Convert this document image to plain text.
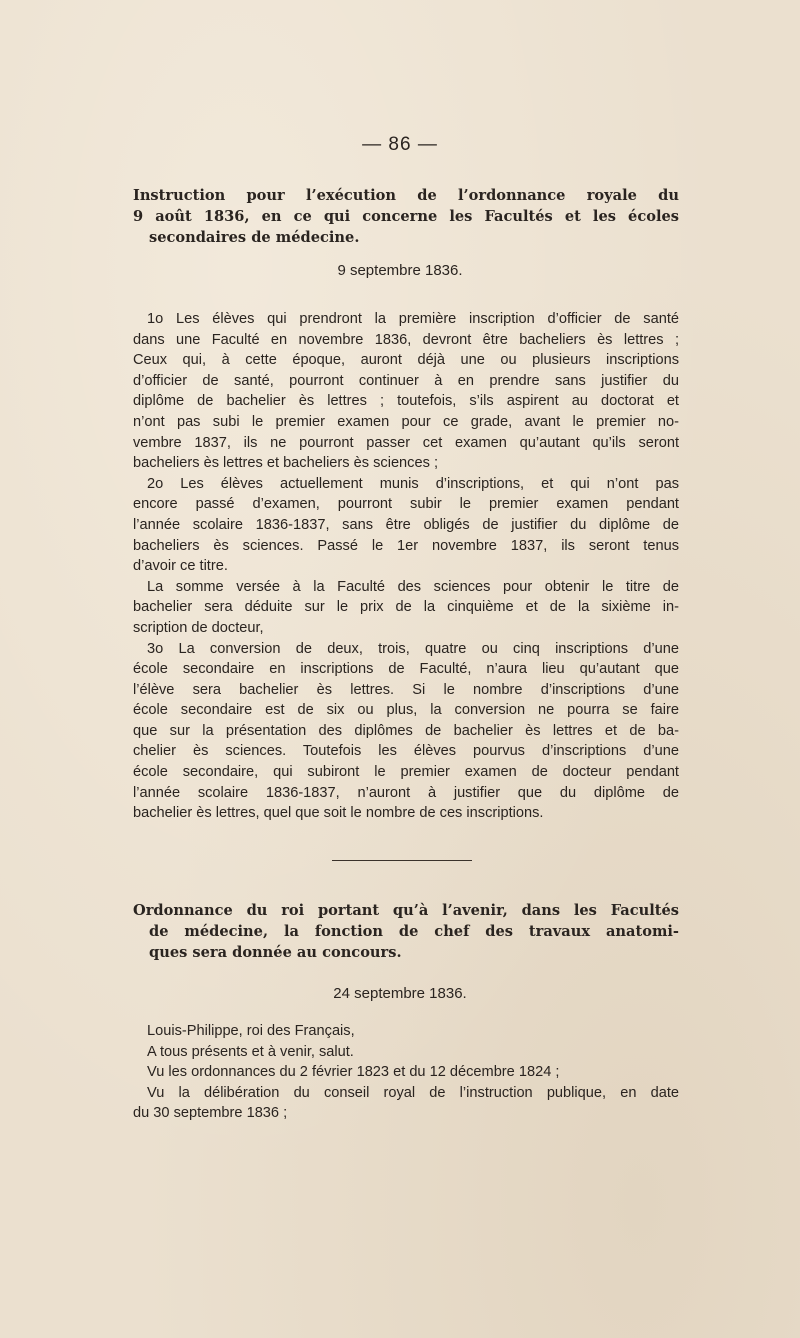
— 86 —
Instruction pour l’exécution de l’ordonnance royale du
9 août 1836, en ce qui concerne les Facultés et les écoles
secondaires de médecine.
9 septembre 1836.
1o Les élèves qui prendront la première inscription d’officier de santé
dans une Faculté en novembre 1836, devront être bacheliers ès lettres ;
Ceux qui, à cette époque, auront déjà une ou plusieurs inscriptions
d’officier de santé, pourront continuer à en prendre sans justifier du
diplôme de bachelier ès lettres ; toutefois, s’ils aspirent au doctorat et
n’ont pas subi le premier examen pour ce grade, avant le premier no-
vembre 1837, ils ne pourront passer cet examen qu’autant qu’ils seront
bacheliers ès lettres et bacheliers ès sciences ;
2o Les élèves actuellement munis d’inscriptions, et qui n’ont pas
encore passé d’examen, pourront subir le premier examen pendant
l’année scolaire 1836-1837, sans être obligés de justifier du diplôme de
bacheliers ès sciences. Passé le 1er novembre 1837, ils seront tenus
d’avoir ce titre.
La somme versée à la Faculté des sciences pour obtenir le titre de
bachelier sera déduite sur le prix de la cinquième et de la sixième in-
scription de docteur,
3o La conversion de deux, trois, quatre ou cinq inscriptions d’une
école secondaire en inscriptions de Faculté, n’aura lieu qu’autant que
l’élève sera bachelier ès lettres. Si le nombre d’inscriptions d’une
école secondaire est de six ou plus, la conversion ne pourra se faire
que sur la présentation des diplômes de bachelier ès lettres et de ba-
chelier ès sciences. Toutefois les élèves pourvus d’inscriptions d’une
école secondaire, qui subiront le premier examen de docteur pendant
l’année scolaire 1836-1837, n’auront à justifier que du diplôme de
bachelier ès lettres, quel que soit le nombre de ces inscriptions.
Ordonnance du roi portant qu’à l’avenir, dans les Facultés
de médecine, la fonction de chef des travaux anatomi-
ques sera donnée au concours.
24 septembre 1836.
Louis-Philippe, roi des Français,
A tous présents et à venir, salut.
Vu les ordonnances du 2 février 1823 et du 12 décembre 1824 ;
Vu la délibération du conseil royal de l’instruction publique, en date
du 30 septembre 1836 ;
